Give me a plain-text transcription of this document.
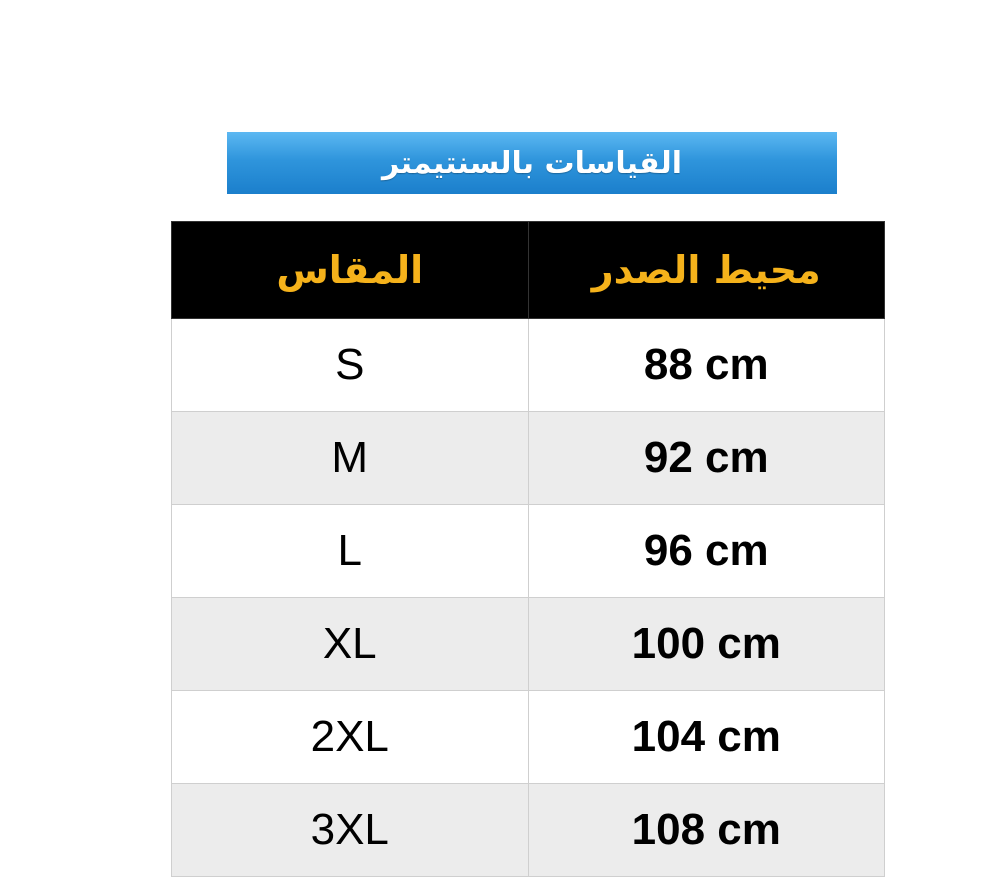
القياسات بالسنتيمتر
المقاس	محيط الصدر
S	88 cm
M	92 cm
L	96 cm
XL	100 cm
2XL	104 cm
3XL	108 cm
